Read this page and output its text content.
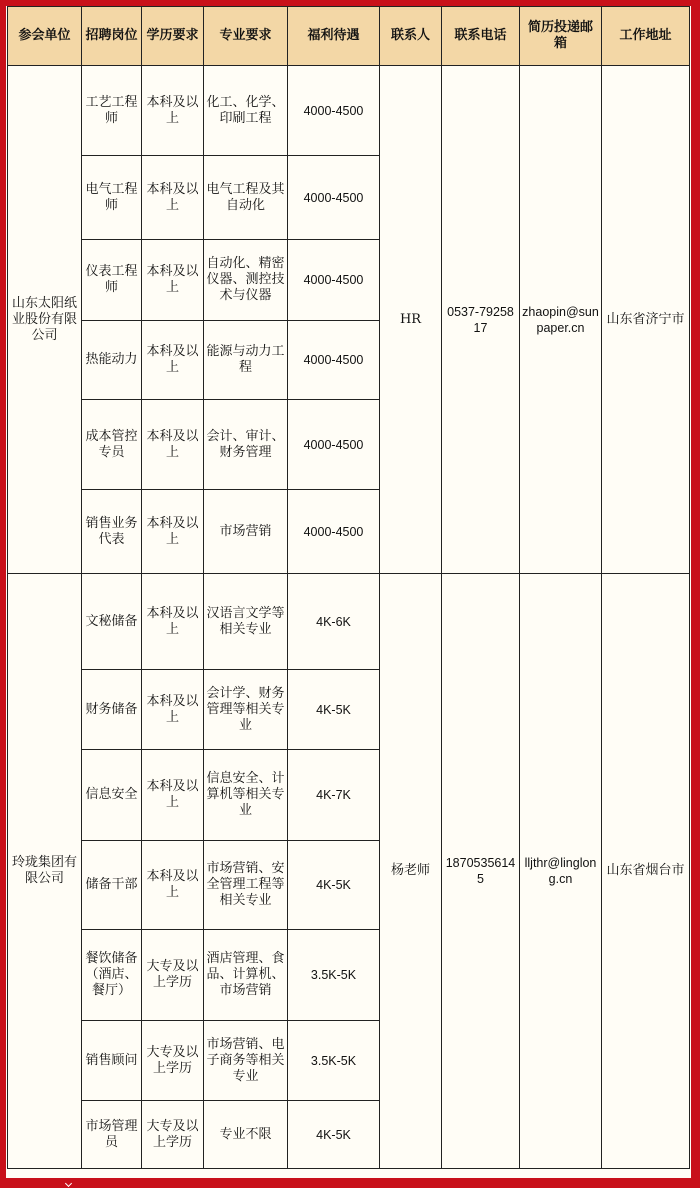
参会单位	招聘岗位	学历要求	专业要求	福利待遇	联系人	联系电话	简历投递邮箱	工作地址
山东太阳纸业股份有限公司	工艺工程师	本科及以上	化工、化学、印刷工程	4000-4500	HR	0537-7925817	zhaopin@sunpaper.cn	山东省济宁市
	电气工程师	本科及以上	电气工程及其自动化	4000-4500				
	仪表工程师	本科及以上	自动化、精密仪器、测控技术与仪器	4000-4500				
	热能动力	本科及以上	能源与动力工程	4000-4500				
	成本管控专员	本科及以上	会计、审计、财务管理	4000-4500				
	销售业务代表	本科及以上	市场营销	4000-4500				
玲珑集团有限公司	文秘储备	本科及以上	汉语言文学等相关专业	4K-6K	杨老师	18705356145	lljthr@linglong.cn	山东省烟台市
	财务储备	本科及以上	会计学、财务管理等相关专业	4K-5K				
	信息安全	本科及以上	信息安全、计算机等相关专业	4K-7K				
	储备干部	本科及以上	市场营销、安全管理工程等相关专业	4K-5K				
	餐饮储备（酒店、餐厅）	大专及以上学历	酒店管理、食品、计算机、市场营销	3.5K-5K				
	销售顾问	大专及以上学历	市场营销、电子商务等相关专业	3.5K-5K				
	市场管理员	大专及以上学历	专业不限	4K-5K				
